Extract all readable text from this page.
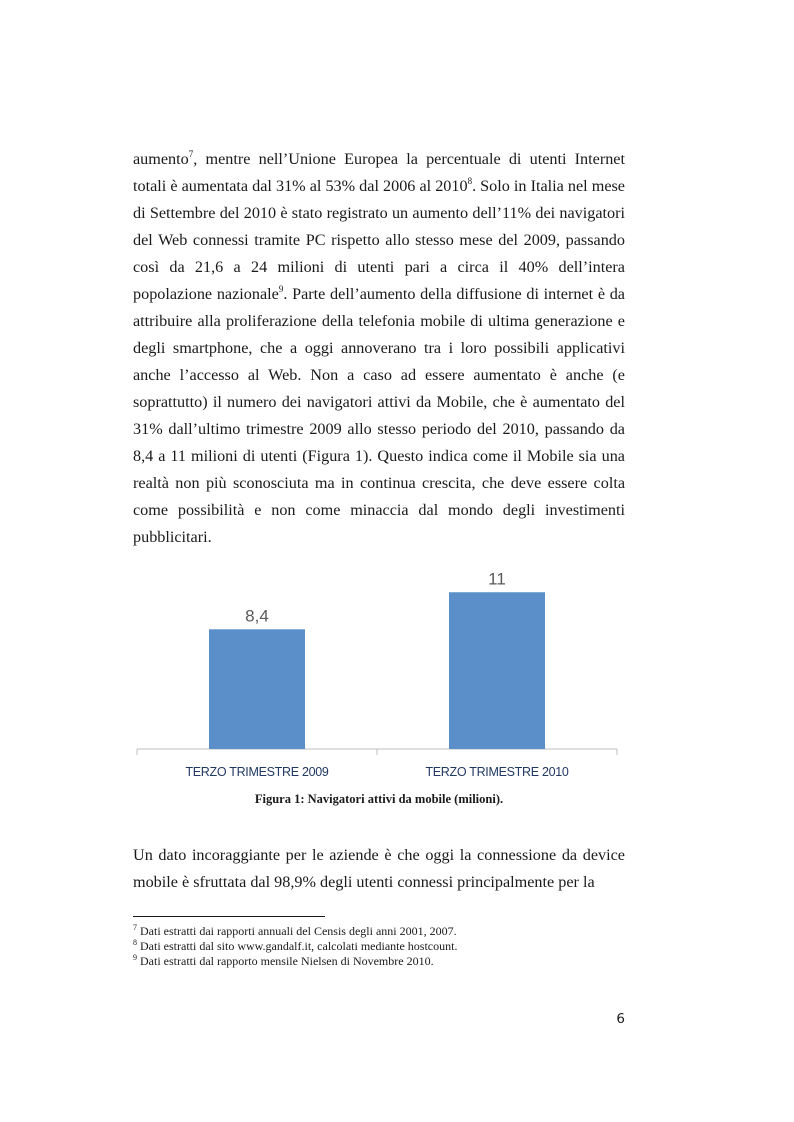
aumento$^7$, mentre nell’Unione Europea la percentuale di utenti Internet totali è aumentata dal 31% al 53% dal 2006 al 2010$^8$. Solo in Italia nel mese di Settembre del 2010 è stato registrato un aumento dell’11% dei navigatori del Web connessi tramite PC rispetto allo stesso mese del 2009, passando così da 21,6 a 24 milioni di utenti pari a circa il 40% dell’intera popolazione nazionale$^9$. Parte dell’aumento della diffusione di internet è da attribuire alla proliferazione della telefonia mobile di ultima generazione e degli smartphone, che a oggi annoverano tra i loro possibili applicativi anche l’accesso al Web. Non a caso ad essere aumentato è anche (e soprattutto) il numero dei navigatori attivi da Mobile, che è aumentato del 31% dall’ultimo trimestre 2009 allo stesso periodo del 2010, passando da 8,4 a 11 milioni di utenti (Figura 1). Questo indica come il Mobile sia una realtà non più sconosciuta ma in continua crescita, che deve essere colta come possibilità e non come minaccia dal mondo degli investimenti pubblicitari.

8,4
TERZO TRIMESTRE 2009
11
TERZO TRIMESTRE 2010
Figura 1: Navigatori attivi da mobile (milioni).

Un dato incoraggiante per le aziende è che oggi la connessione da device mobile è sfruttata dal 98,9% degli utenti connessi principalmente per la

$^7$ Dati estratti dai rapporti annuali del Censis degli anni 2001, 2007.

$^8$ Dati estratti dal sito www.gandalf.it, calcolati mediante hostcount.

$^9$ Dati estratti dal rapporto mensile Nielsen di Novembre 2010.

6
